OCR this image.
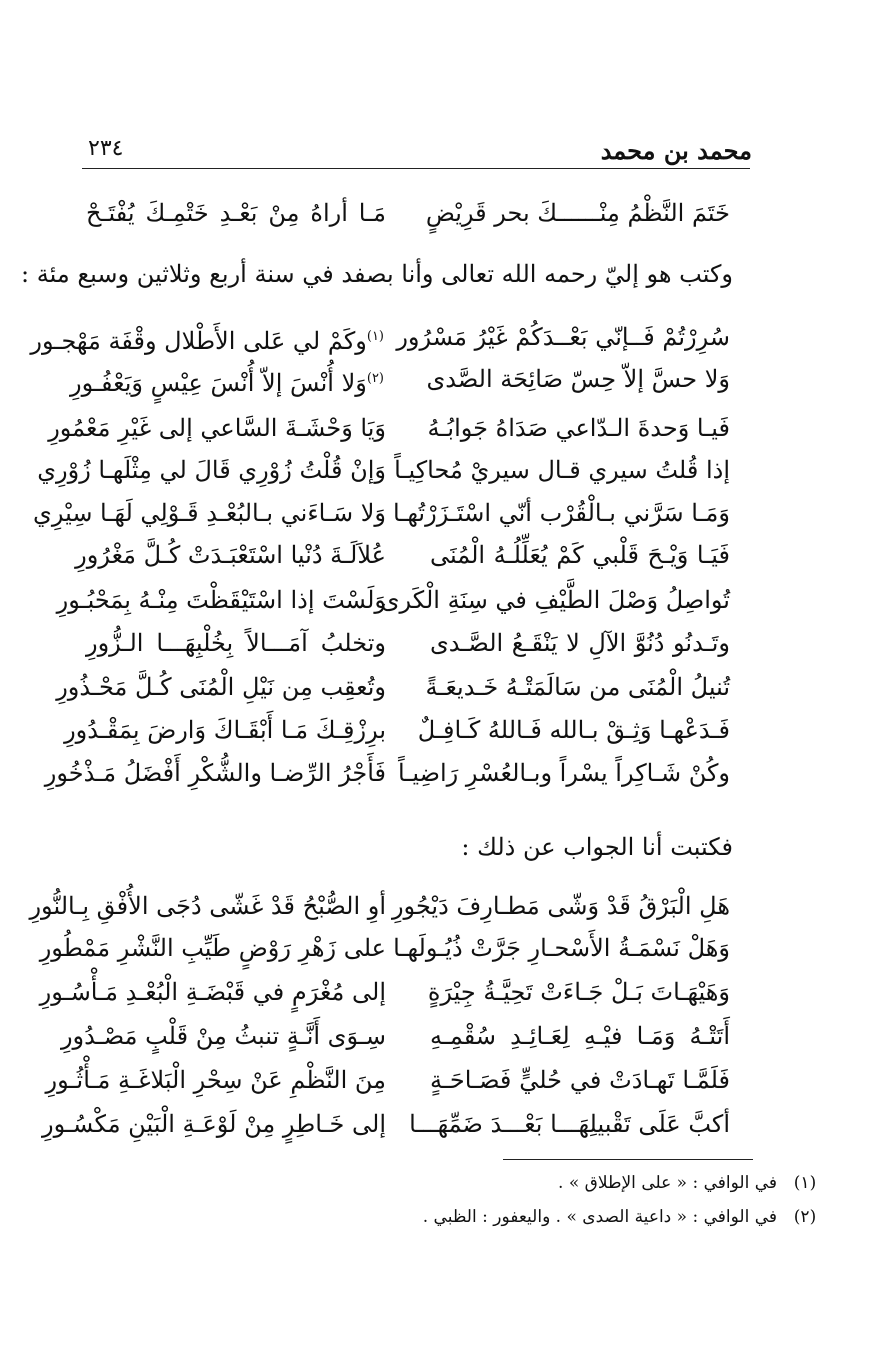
محمد بن محمد
٢٣٤
خَتَمَ النَّظْمُ مِنْــــــكَ بحر قَرِيْضٍ
مَـا أراهُ مِنْ بَعْـدِ خَتْمِـكَ يُفْتَـحْ
وكتب هو إليّ رحمه الله تعالى وأنا بصفد في سنة أربع وثلاثين وسبع مئة :
سُرِرْتُمْ فَــإنّي بَعْــدَكُمْ غَيْرُ مَسْرُور
$^{(١)}$وكَمْ لي عَلى الأَطْلال وقْفَة مَهْجـور
وَلا حسَّ إلاّ حِسّ صَائِحَة الصَّدى
$^{(٢)}$وَلا أُنْسَ إلاّ أُنْسَ عِيْسٍ وَيَعْفُـورِ
فَيـا وَحدةَ الـدّاعي صَدَاهُ جَوابُـهُ
وَيَا وَحْشَـةَ السَّاعي إلى غَيْرِ مَعْمُورِ
إذا قُلتُ سيري قـال سيريْ مُحاكِيـاً
وَإنْ قُلْتُ زُوْرِي قَالَ لي مِثْلَهـا زُوْرِي
وَمَـا سَرَّني بـالْقُرْب أنّي اسْتَـزَرْتُهـا
وَلا سَـاءَني بـالبُعْـدِ قَـوْلِي لَهَـا سِيْرِي
فَيَـا وَيْـحَ قَلْبي كَمْ يُعَلِّلُـهُ الْمُنَى
عُلاَلَـةَ دُنْيا اسْتَعْبَـدَتْ كُـلَّ مَغْرُورِ
تُواصِلُ وَصْلَ الطَّيْفِ في سِنَةِ الْكَرى
وَلَسْتَ إذا اسْتَيْقَظْتَ مِنْـهُ بِمَحْبُـورِ
وتَـدنُو دُنُوَّ الآلِ لا يَنْقَـعُ الصَّـدى
وتخلبُ آمَـــالاً بِخُلْبِهَـــا الـزُّورِ
تُنيلُ الْمُنَى من سَالَمَتْـهُ خَـديعَـةً
وتُعقِب مِن نَيْلِ الْمُنَى كُـلَّ مَحْـذُورِ
فَـدَعْهـا وَثِـقْ بـالله فَـاللهُ كَـافِـلٌ
برِزْقِـكَ مَـا أَبْقَـاكَ وَارضَ بِمَقْـدُورِ
وكُنْ شَـاكِراً يسْراً وبـالعُسْرِ رَاضِيـاً
فَأَجْرُ الرِّضـا والشُّكْرِ أَفْضَلُ مَـذْخُورِ
فكتبت أنا الجواب عن ذلك :
هَلِ الْبَرْقُ قَدْ وَشّى مَطـارِفَ دَيْجُورِ
أوِ الصُّبْحُ قَدْ غَشّى دُجَى الأُفْقِ بِـالنُّورِ
وَهَلْ نَسْمَـةُ الأَسْحـارِ جَرَّتْ ذُيُـولَهـا
على زَهْرِ رَوْضٍ طَيِّبِ النَّشْرِ مَمْطُورِ
وَهَيْهَـاتَ بَـلْ جَـاءَتْ تَحِيَّـةُ جِيْرَةٍ
إلى مُغْرَمٍ في قَبْضَـةِ الْبُعْـدِ مَـأْسُـورِ
أَتَتْـهُ وَمَـا فيْـهِ لِعَـائِـدِ سُقْمِـهِ
سِـوَى أَنَّـةٍ تنبثُ مِنْ قَلْبٍ مَصْـدُورِ
فَلَمَّـا تَهـادَتْ في حُليٍّ فَصَـاحَـةٍ
مِنَ النَّظْمِ عَنْ سِحْرِ الْبَلاغَـةِ مَـأْثُـورِ
أكبَّ عَلَى تَقْبيلِهَـــا بَعْـــدَ ضَمِّهَـــا
إلى خَـاطِرٍ مِنْ لَوْعَـةِ الْبَيْنِ مَكْسُـورِ
(١)
في الوافي : « على الإطلاق » .
(٢)
في الوافي : « داعية الصدى » . واليعفور : الظبي .
